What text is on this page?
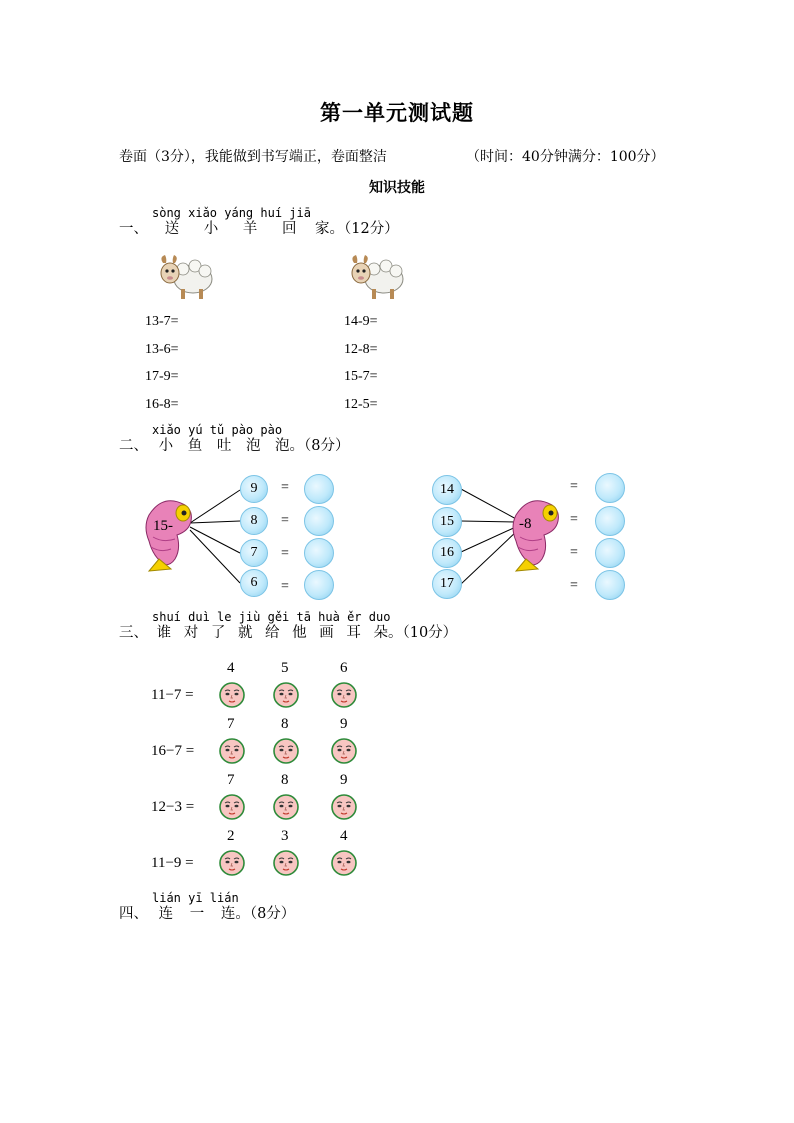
第一单元测试题
卷面（3分），我能做到书写端正，卷面整洁	（时间：40分钟满分：100分）
知识技能
sòng xiǎo yáng huí jiā
一、 送 小 羊 回 家。（12分）
13-7=
13-6=
17-9=
16-8=
14-9=
12-8=
15-7=
12-5=
xiǎo yú tǔ pào pào
二、 小 鱼 吐 泡 泡。（8分）
15-	-8
9
8
7
6
=
=
=
=
14
15
16
17
=
=
=
=
shuí duì le jiù gěi tā huà ěr duo
三、 谁 对 了 就 给 他 画 耳 朵。（10分）
4	5	6
11−7 =
7	8	9
16−7 =
7	8	9
12−3 =
2	3	4
11−9 =
lián yī lián
四、 连 一 连。（8分）
